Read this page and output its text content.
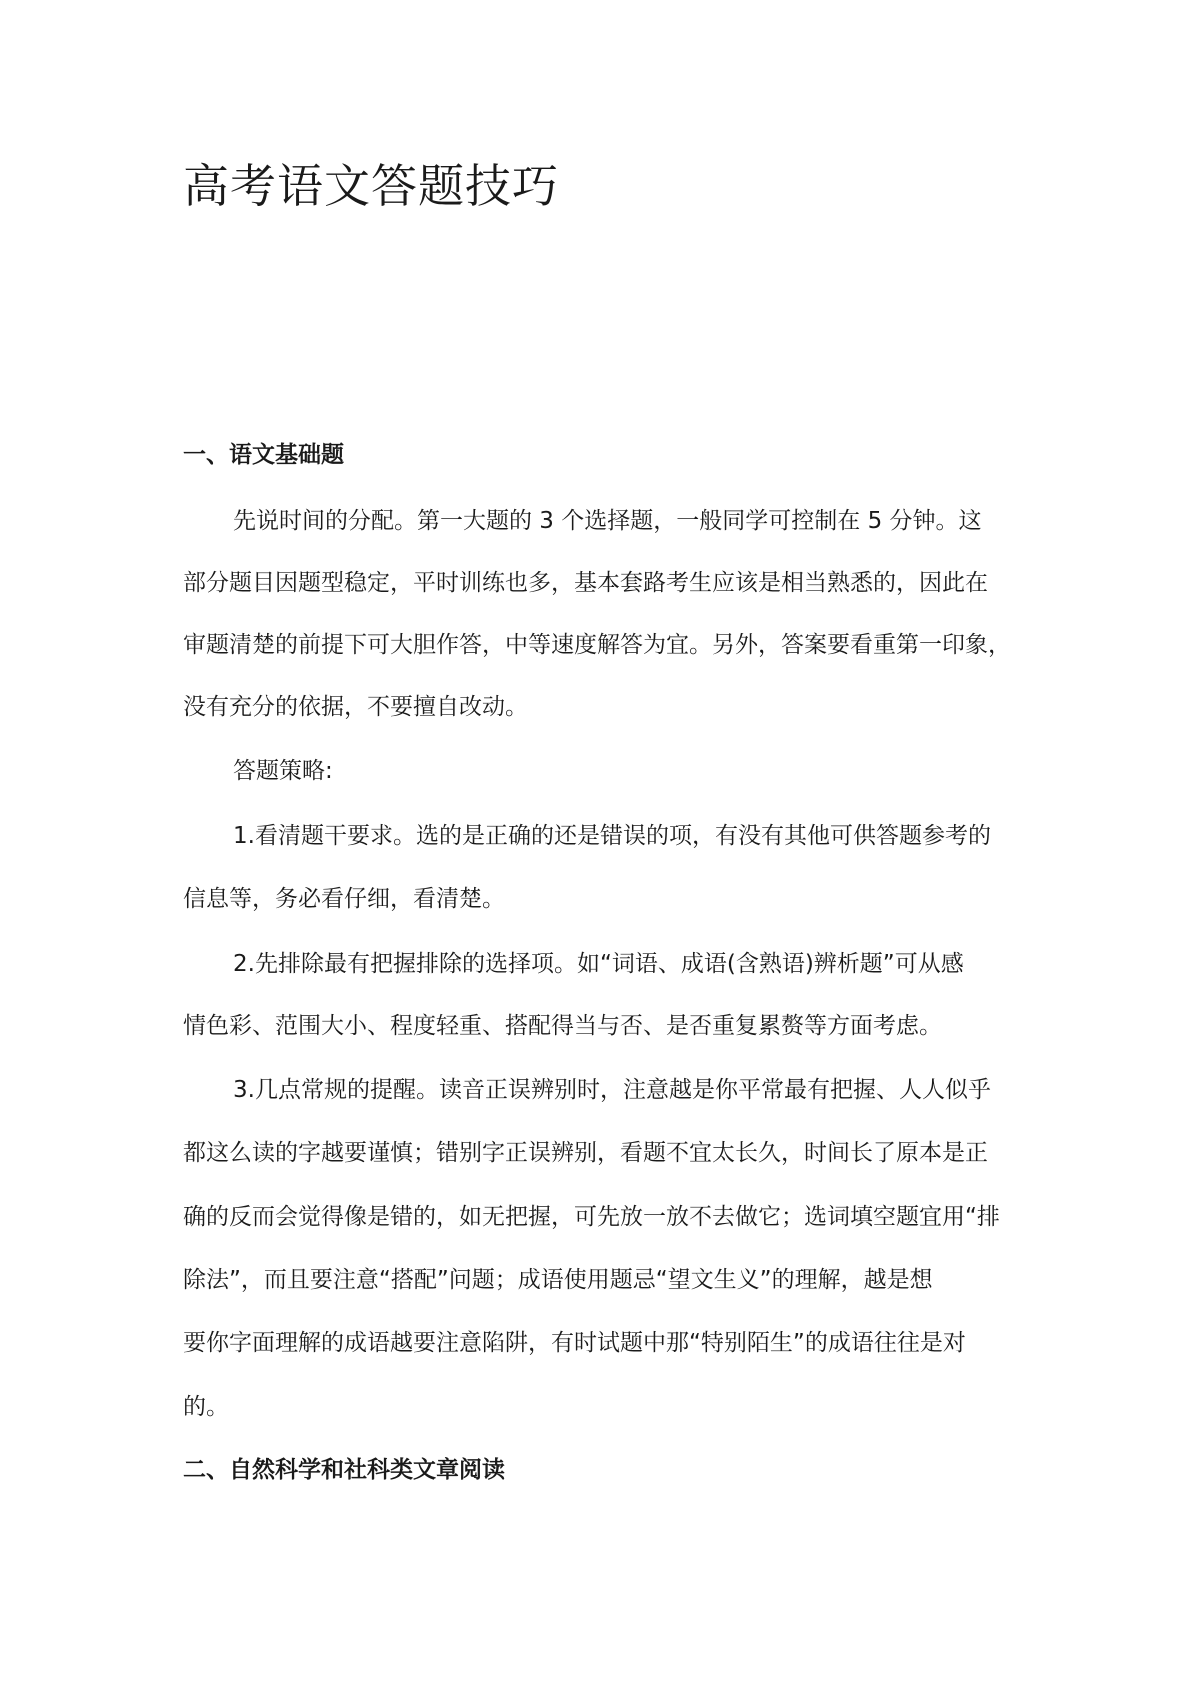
高考语文答题技巧
一、语文基础题

先说时间的分配。第一大题的 3 个选择题，一般同学可控制在 5 分钟。这

部分题目因题型稳定，平时训练也多，基本套路考生应该是相当熟悉的，因此在

审题清楚的前提下可大胆作答，中等速度解答为宜。另外，答案要看重第一印象，

没有充分的依据，不要擅自改动。

答题策略:

1.看清题干要求。选的是正确的还是错误的项，有没有其他可供答题参考的

信息等，务必看仔细，看清楚。

2.先排除最有把握排除的选择项。如“词语、成语(含熟语)辨析题”可从感

情色彩、范围大小、程度轻重、搭配得当与否、是否重复累赘等方面考虑。

3.几点常规的提醒。读音正误辨别时，注意越是你平常最有把握、人人似乎

都这么读的字越要谨慎；错别字正误辨别，看题不宜太长久，时间长了原本是正

确的反而会觉得像是错的，如无把握，可先放一放不去做它；选词填空题宜用“排

除法”，而且要注意“搭配”问题；成语使用题忌“望文生义”的理解，越是想

要你字面理解的成语越要注意陷阱，有时试题中那“特别陌生”的成语往往是对

的。

二、自然科学和社科类文章阅读
